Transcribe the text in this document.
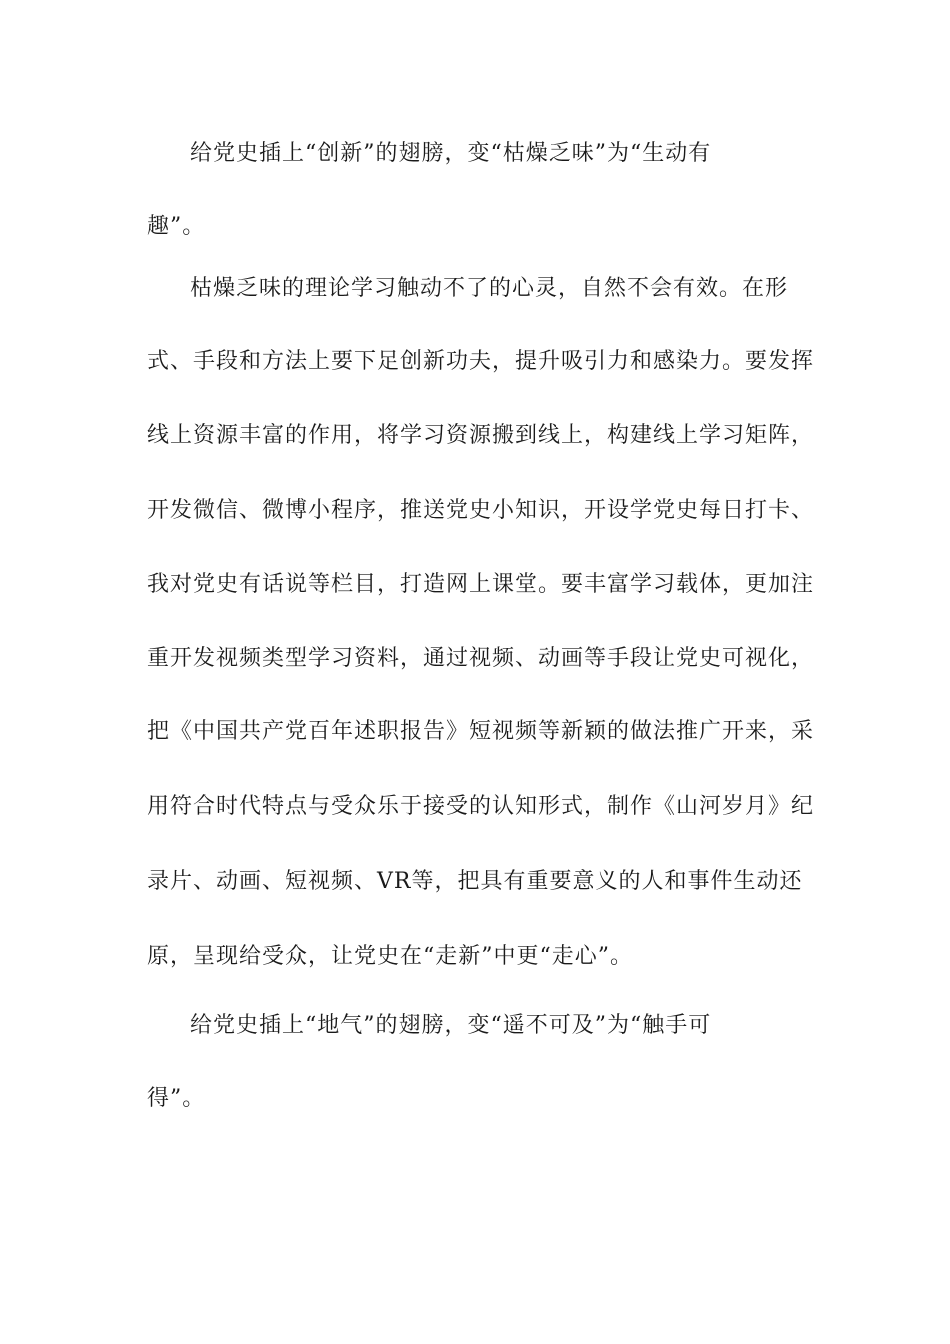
给党史插上“创新”的翅膀，变“枯燥乏味”为“生动有
趣”。
枯燥乏味的理论学习触动不了的心灵，自然不会有效。在形
式、手段和方法上要下足创新功夫，提升吸引力和感染力。要发挥
线上资源丰富的作用，将学习资源搬到线上，构建线上学习矩阵，
开发微信、微博小程序，推送党史小知识，开设学党史每日打卡、
我对党史有话说等栏目，打造网上课堂。要丰富学习载体，更加注
重开发视频类型学习资料，通过视频、动画等手段让党史可视化，
把《中国共产党百年述职报告》短视频等新颖的做法推广开来，采
用符合时代特点与受众乐于接受的认知形式，制作《山河岁月》纪
录片、动画、短视频、VR等，把具有重要意义的人和事件生动还
原，呈现给受众，让党史在“走新”中更“走心”。
给党史插上“地气”的翅膀，变“遥不可及”为“触手可
得”。
